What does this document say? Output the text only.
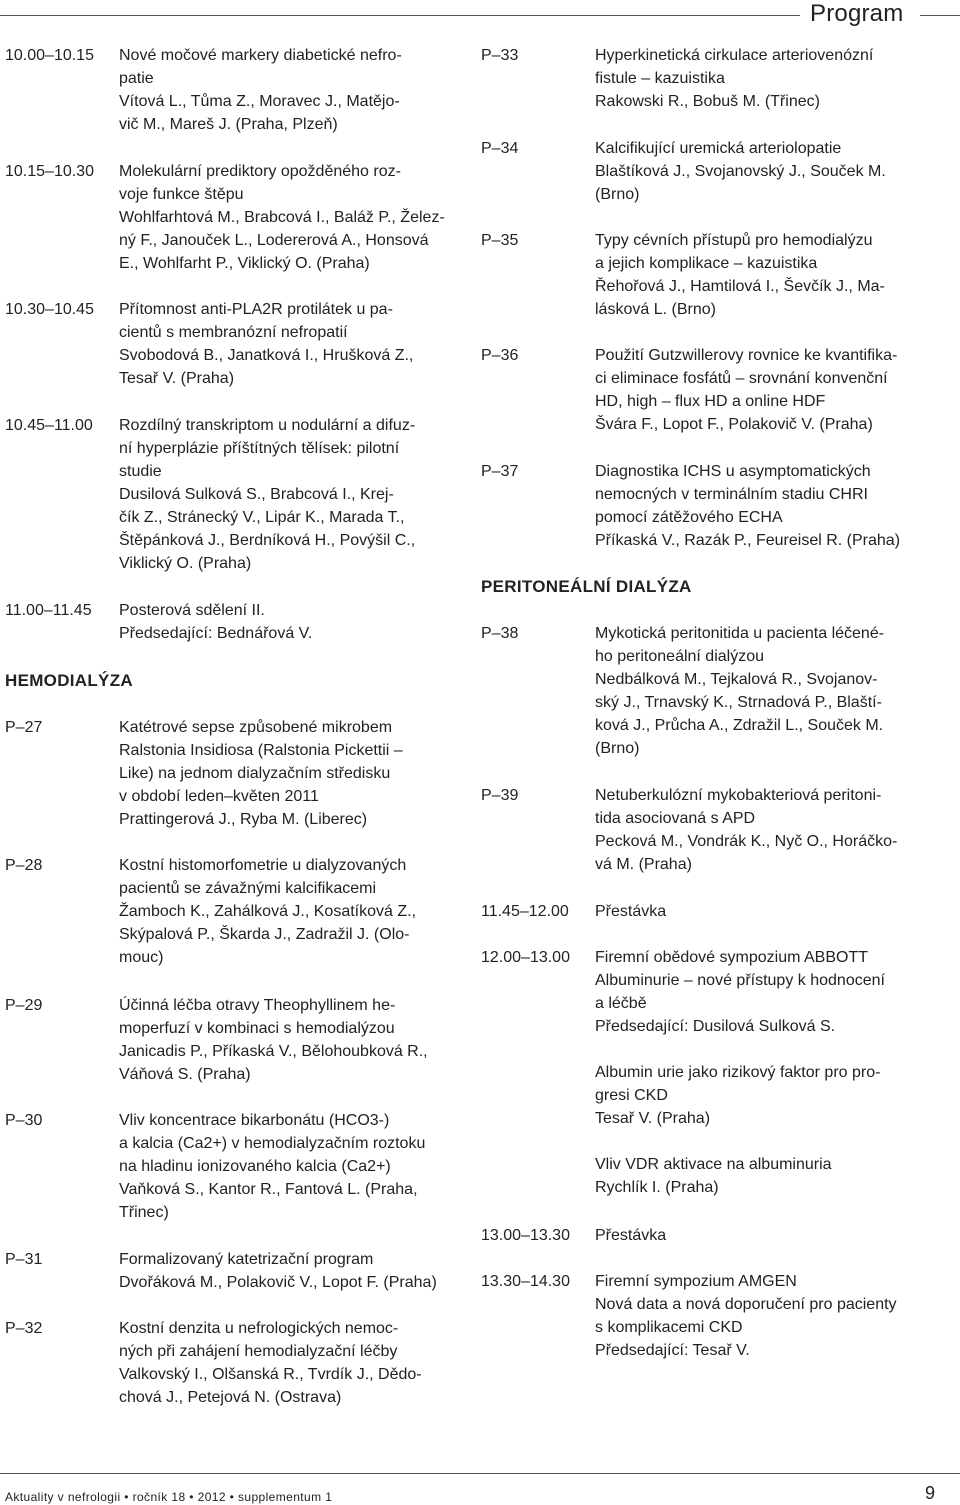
Program
10.00–10.15	Nové močové markery diabetické nefro-
patie
Vítová L., Tůma Z., Moravec J., Matějo-
vič M., Mareš J. (Praha, Plzeň)
10.15–10.30	Molekulární prediktory opožděného roz-
voje funkce štěpu
Wohlfarhtová M., Brabcová I., Baláž P., Želez-
ný F., Janouček L., Lodererová A., Honsová
E., Wohlfarht P., Viklický O. (Praha)
10.30–10.45	Přítomnost anti-PLA2R protilátek u pa-
cientů s membranózní nefropatií
Svobodová B., Janatková I., Hrušková Z.,
Tesař V. (Praha)
10.45–11.00	Rozdílný transkriptom u nodulární a difuz-
ní hyperplázie příštítných tělísek: pilotní
studie
Dusilová Sulková S., Brabcová I., Krej-
čík Z., Stránecký V., Lipár K., Marada T.,
Štěpánková J., Berdníková H., Povýšil C.,
Viklický O. (Praha)
11.00–11.45	Posterová sdělení II.
Předsedající: Bednářová V.
HEMODIALÝZA
P–27	Katétrové sepse způsobené mikrobem
Ralstonia Insidiosa (Ralstonia Pickettii –
Like) na jednom dialyzačním středisku
v období leden–květen 2011
Prattingerová J., Ryba M. (Liberec)
P–28	Kostní histomorfometrie u dialyzovaných
pacientů se závažnými kalcifikacemi
Žamboch K., Zahálková J., Kosatíková Z.,
Skýpalová P., Škarda J., Zadražil J. (Olo-
mouc)
P–29	Účinná léčba otravy Theophyllinem he-
moperfuzí v kombinaci s hemodialýzou
Janicadis P., Příkaská V., Bělohoubková R.,
Váňová S. (Praha)
P–30	Vliv koncentrace bikarbonátu (HCO3-)
a kalcia (Ca2+) v hemodialyzačním roztoku
na hladinu ionizovaného kalcia (Ca2+)
Vaňková S., Kantor R., Fantová L. (Praha,
Třinec)
P–31	Formalizovaný katetrizační program
Dvořáková M., Polakovič V., Lopot F. (Praha)
P–32	Kostní denzita u nefrologických nemoc-
ných při zahájení hemodialyzační léčby
Valkovský I., Olšanská R., Tvrdík J., Dědo-
chová J., Petejová N. (Ostrava)
P–33	Hyperkinetická cirkulace arteriovenózní
fistule – kazuistika
Rakowski R., Bobuš M. (Třinec)
P–34	Kalcifikující uremická arteriolopatie
Blaštíková J., Svojanovský J., Souček M.
(Brno)
P–35	Typy cévních přístupů pro hemodialýzu
a jejich komplikace – kazuistika
Řehořová J., Hamtilová I., Ševčík J., Ma-
lásková L. (Brno)
P–36	Použití Gutzwillerovy rovnice ke kvantifika-
ci eliminace fosfátů – srovnání konvenční
HD, high – flux HD a online HDF
Švára F., Lopot F., Polakovič V. (Praha)
P–37	Diagnostika ICHS u asymptomatických
nemocných v terminálním stadiu CHRI
pomocí zátěžového ECHA
Příkaská V., Razák P., Feureisel R. (Praha)
PERITONEÁLNÍ DIALÝZA
P–38	Mykotická peritonitida u pacienta léčené-
ho peritoneální dialýzou
Nedbálková M., Tejkalová R., Svojanov-
ský J., Trnavský K., Strnadová P., Blaští-
ková J., Průcha A., Zdražil L., Souček M.
(Brno)
P–39	Netuberkulózní mykobakteriová peritoni-
tida asociovaná s APD
Pecková M., Vondrák K., Nyč O., Horáčko-
vá M. (Praha)
11.45–12.00	Přestávka
12.00–13.00	Firemní obědové sympozium ABBOTT
Albuminurie – nové přístupy k hodnocení
a léčbě
Předsedající: Dusilová Sulková S.

Albumin urie jako rizikový faktor pro pro-
gresi CKD
Tesař V. (Praha)

Vliv VDR aktivace na albuminuria
Rychlík I. (Praha)
13.00–13.30	Přestávka
13.30–14.30	Firemní sympozium AMGEN
Nová data a nová doporučení pro pacienty
s komplikacemi CKD
Předsedající: Tesař V.
Aktuality v nefrologii • ročník 18 • 2012 • supplementum 1	9
